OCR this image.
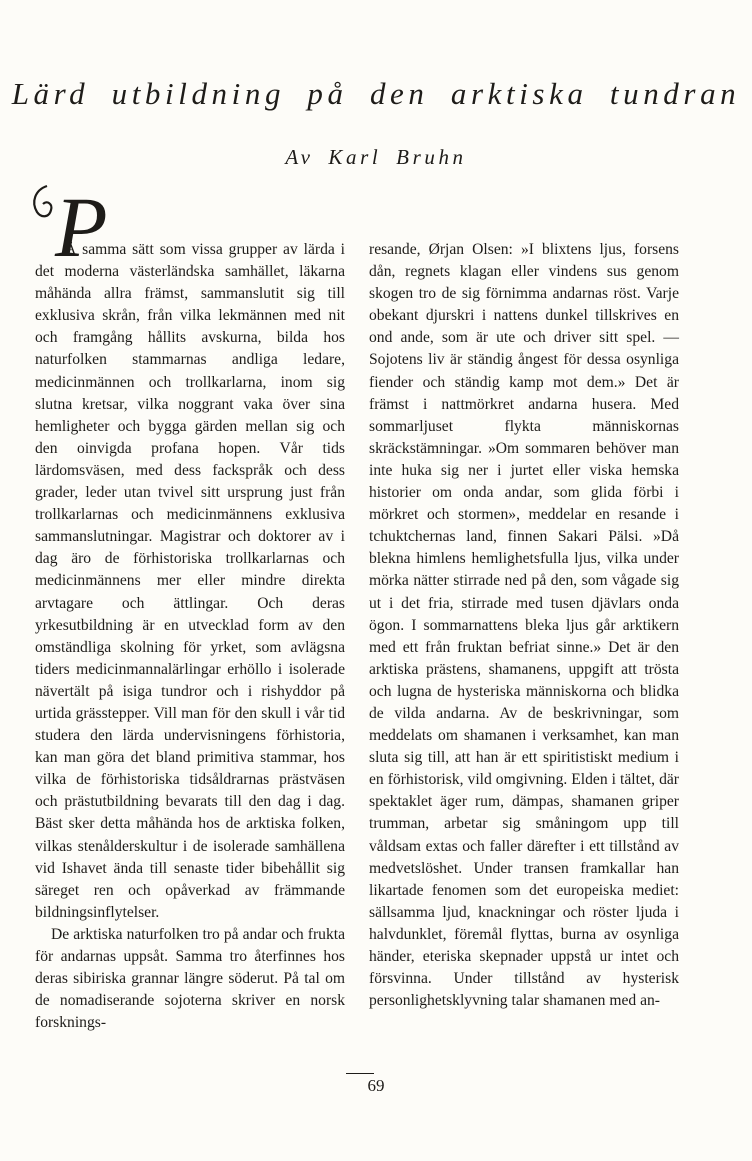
Lärd utbildning på den arktiska tundran
Av Karl Bruhn
P

Å samma sätt som vissa grupper av lärda i det moderna västerländska samhället, läkarna måhända allra främst, sammanslutit sig till exklusiva skrån, från vilka lekmännen med nit och framgång hållits avskurna, bilda hos naturfolken stammarnas andliga ledare, medicinmännen och trollkarlarna, inom sig slutna kretsar, vilka noggrant vaka över sina hemligheter och bygga gärden mellan sig och den oinvigda profana hopen. Vår tids lärdomsväsen, med dess fackspråk och dess grader, leder utan tvivel sitt ursprung just från trollkarlarnas och medicinmännens exklusiva sammanslutningar. Magistrar och doktorer av i dag äro de förhistoriska trollkarlarnas och medicinmännens mer eller mindre direkta arvtagare och ättlingar. Och deras yrkesutbildning är en utvecklad form av den omständliga skolning för yrket, som avlägsna tiders medicinmannalärlingar erhöllo i isolerade nävertält på isiga tundror och i rishyddor på urtida grässtepper. Vill man för den skull i vår tid studera den lärda undervisningens förhistoria, kan man göra det bland primitiva stammar, hos vilka de förhistoriska tidsåldrarnas prästväsen och prästutbildning bevarats till den dag i dag. Bäst sker detta måhända hos de arktiska folken, vilkas stenålderskultur i de isolerade samhällena vid Ishavet ända till senaste tider bibehållit sig säreget ren och opåverkad av främmande bildningsinflytelser.

De arktiska naturfolken tro på andar och frukta för andarnas uppsåt. Samma tro återfinnes hos deras sibiriska grannar längre söderut. På tal om de nomadiserande sojoterna skriver en norsk forsknings-

resande, Ørjan Olsen: »I blixtens ljus, forsens dån, regnets klagan eller vindens sus genom skogen tro de sig förnimma andarnas röst. Varje obekant djurskri i nattens dunkel tillskrives en ond ande, som är ute och driver sitt spel. — Sojotens liv är ständig ångest för dessa osynliga fiender och ständig kamp mot dem.» Det är främst i nattmörkret andarna husera. Med sommarljuset flykta människornas skräckstämningar. »Om sommaren behöver man inte huka sig ner i jurtet eller viska hemska historier om onda andar, som glida förbi i mörkret och stormen», meddelar en resande i tchuktchernas land, finnen Sakari Pälsi. »Då blekna himlens hemlighetsfulla ljus, vilka under mörka nätter stirrade ned på den, som vågade sig ut i det fria, stirrade med tusen djävlars onda ögon. I sommarnattens bleka ljus går arktikern med ett från fruktan befriat sinne.» Det är den arktiska prästens, shamanens, uppgift att trösta och lugna de hysteriska människorna och blidka de vilda andarna. Av de beskrivningar, som meddelats om shamanen i verksamhet, kan man sluta sig till, att han är ett spiritistiskt medium i en förhistorisk, vild omgivning. Elden i tältet, där spektaklet äger rum, dämpas, shamanen griper trumman, arbetar sig småningom upp till våldsam extas och faller därefter i ett tillstånd av medvetslöshet. Under transen framkallar han likartade fenomen som det europeiska mediet: sällsamma ljud, knackningar och röster ljuda i halvdunklet, föremål flyttas, burna av osynliga händer, eteriska skepnader uppstå ur intet och försvinna. Under tillstånd av hysterisk personlighetsklyvning talar shamanen med an-

69
